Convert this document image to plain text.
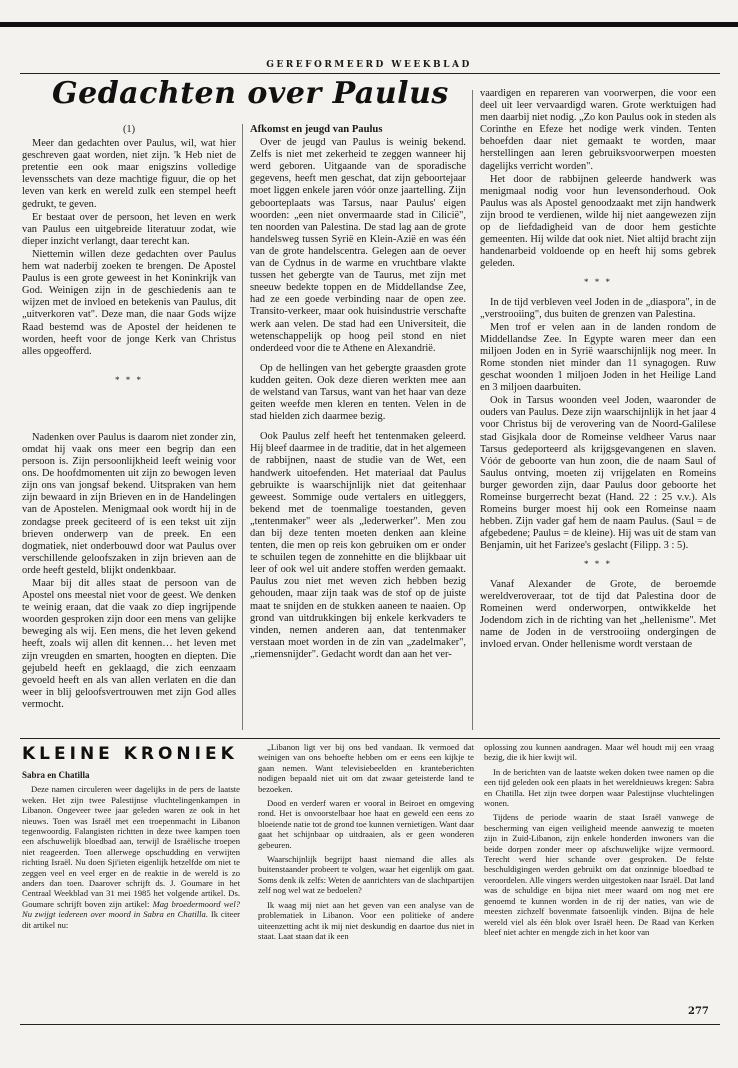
GEREFORMEERD WEEKBLAD
Gedachten over Paulus

(1)

Meer dan gedachten over Paulus, wil, wat hier geschreven gaat worden, niet zijn. 'k Heb niet de pretentie een ook maar enigszins volledige levensschets van deze machtige figuur, die op het leven van kerk en wereld zulk een stempel heeft gedrukt, te geven.

Er bestaat over de persoon, het leven en werk van Paulus een uitgebreide literatuur zodat, wie dieper inzicht verlangt, daar terecht kan.

Niettemin willen deze gedachten over Paulus hem wat naderbij zoeken te brengen. De Apostel Paulus is een grote geweest in het Koninkrijk van God. Weinigen zijn in de geschiedenis aan te wijzen met de invloed en betekenis van Paulus, dit „uitverkoren vat". Deze man, die naar Gods wijze Raad bestemd was de Apostel der heidenen te worden, heeft voor de jonge Kerk van Christus alles opgeofferd.

* * *

Nadenken over Paulus is daarom niet zonder zin, omdat hij vaak ons meer een begrip dan een persoon is. Zijn persoonlijkheid leeft weinig voor ons. De hoofdmomenten uit zijn zo bewogen leven zijn ons van jongsaf bekend. Uitspraken van hem zijn bewaard in zijn Brieven en in de Handelingen van de Apostelen. Menigmaal ook wordt hij in de zondagse preek geciteerd of is een tekst uit zijn brieven onderwerp van de preek. En een dogmatiek, niet onderbouwd door wat Paulus over verschillende geloofszaken in zijn brieven aan de orde heeft gesteld, blijkt ondenkbaar.

Maar bij dit alles staat de persoon van de Apostel ons meestal niet voor de geest. We denken te weinig eraan, dat die vaak zo diep ingrijpende woorden gesproken zijn door een mens van gelijke beweging als wij. Een mens, die het leven gekend heeft, zoals wij allen dit kennen… het leven met zijn vreugden en smarten, hoogten en diepten. Die gejubeld heeft en geklaagd, die zich eenzaam gevoeld heeft en als van allen verlaten en die dan weer in blij geloofsvertrouwen met zijn God alles vermocht.

Afkomst en jeugd van Paulus

Over de jeugd van Paulus is weinig bekend. Zelfs is niet met zekerheid te zeggen wanneer hij werd geboren. Uitgaande van de sporadische gegevens, heeft men geschat, dat zijn geboortejaar moet liggen enkele jaren vóór onze jaartelling. Zijn geboorteplaats was Tarsus, naar Paulus' eigen woorden: „een niet onvermaarde stad in Cilicië", ten noorden van Palestina. De stad lag aan de grote handelsweg tussen Syrië en Klein-Azië en was één van de grote handelscentra. Gelegen aan de oever van de Cydnus in de warme en vruchtbare vlakte tussen het gebergte van de Taurus, met zijn met sneeuw bedekte toppen en de Middellandse Zee, had ze een goede verbinding naar de open zee. Transito-verkeer, maar ook huisindustrie verschafte werk aan velen. De stad had een Universiteit, die wetenschappelijk op hoog peil stond en niet onderdeed voor die te Athene en Alexandrië.

Op de hellingen van het gebergte graasden grote kudden geiten. Ook deze dieren werkten mee aan de welstand van Tarsus, want van het haar van deze geiten weefde men kleren en tenten. Velen in de stad hielden zich daarmee bezig.

Ook Paulus zelf heeft het tentenmaken geleerd. Hij bleef daarmee in de traditie, dat in het algemeen de rabbijnen, naast de studie van de Wet, een handwerk uitoefenden. Het materiaal dat Paulus gebruikte is waarschijnlijk niet dat geitenhaar geweest. Sommige oude vertalers en uitleggers, bekend met de toenmalige toestanden, geven „tentenmaker" weer als „lederwerker". Men zou dan bij deze tenten moeten denken aan kleine tenten, die men op reis kon gebruiken om er onder te schuilen tegen de zonnehitte en die blijkbaar uit leer of ook wel uit andere stoffen werden gemaakt. Paulus zou niet met weven zich hebben bezig gehouden, maar zijn taak was de stof op de juiste maat te snijden en de stukken aaneen te naaien. Op grond van uitdrukkingen bij enkele kerkvaders te vinden, nemen anderen aan, dat tentenmaker verstaan moet worden in de zin van „zadelmaker", „riemensnijder". Gedacht wordt dan aan het ver-

vaardigen en repareren van voorwerpen, die voor een deel uit leer vervaardigd waren. Grote werktuigen had men daarbij niet nodig. „Zo kon Paulus ook in steden als Corinthe en Efeze het nodige werk vinden. Tenten behoefden daar niet gemaakt te worden, maar herstellingen aan leren gebruiksvoorwerpen moesten dagelijks verricht worden".

Het door de rabbijnen geleerde handwerk was menigmaal nodig voor hun levensonderhoud. Ook Paulus was als Apostel genoodzaakt met zijn handwerk zijn brood te verdienen, wilde hij niet aangewezen zijn op de liefdadigheid van de door hem gestichte gemeenten. Hij wilde dat ook niet. Niet altijd bracht zijn handenarbeid voldoende op en heeft hij soms gebrek geleden.

* * *

In de tijd verbleven veel Joden in de „diaspora", in de „verstrooiing", dus buiten de grenzen van Palestina.

Men trof er velen aan in de landen rondom de Middellandse Zee. In Egypte waren meer dan een miljoen Joden en in Syrië waarschijnlijk nog meer. In Rome stonden niet minder dan 11 synagogen. Ruw geschat woonden 1 miljoen Joden in het Heilige Land en 3 miljoen daarbuiten.

Ook in Tarsus woonden veel Joden, waaronder de ouders van Paulus. Deze zijn waarschijnlijk in het jaar 4 voor Christus bij de verovering van de Noord-Galilese stad Gisjkala door de Romeinse veldheer Varus naar Tarsus gedeporteerd als krijgsgevangenen en slaven. Vóór de geboorte van hun zoon, die de naam Saul of Saulus ontving, moeten zij vrijgelaten en Romeins burger geworden zijn, daar Paulus door geboorte het Romeinse burgerrecht bezat (Hand. 22 : 25 v.v.). Als Romeins burger moest hij ook een Romeinse naam hebben. Zijn vader gaf hem de naam Paulus. (Saul = de afgebedene; Paulus = de kleine). Hij was uit de stam van Benjamin, uit het Farizee's geslacht (Filipp. 3 : 5).

* * *

Vanaf Alexander de Grote, de beroemde wereldveroveraar, tot de tijd dat Palestina door de Romeinen werd onderworpen, ontwikkelde het Jodendom zich in de richting van het „hellenisme". Met name de Joden in de verstrooiing ondergingen de invloed ervan. Onder hellenisme wordt verstaan de

KLEINE KRONIEK
Sabra en Chatilla

Deze namen circuleren weer dagelijks in de pers de laatste weken. Het zijn twee Palestijnse vluchtelingenkampen in Libanon. Ongeveer twee jaar geleden waren ze ook in het nieuws. Toen was Israël met een troepenmacht in Libanon tegenwoordig. Falangisten richtten in deze twee kampen toen een afschuwelijk bloedbad aan, terwijl de Israëlische troepen niet reageerden. Toen allerwege opschudding en verwijten richting Israël. Nu doen Sji'ieten eigenlijk hetzelfde om niet te zeggen veel en veel erger en de reaktie in de wereld is zo anders dan toen. Daarover schrijft ds. J. Goumare in het Centraal Weekblad van 31 mei 1985 het volgende artikel. Ds. Goumare schrijft boven zijn artikel: Mag broedermoord wel? Nu zwijgt iedereen over moord in Sabra en Chatilla. Ik citeer dit artikel nu:

„Libanon ligt ver bij ons bed vandaan. Ik vermoed dat weinigen van ons behoefte hebben om er eens een kijkje te gaan nemen. Want televisiebeelden en kranteberichten nodigen bepaald niet uit om dat zwaar geteisterde land te bezoeken.

Dood en verderf waren er vooral in Beiroet en omgeving rond. Het is onvoorstelbaar hoe haat en geweld een eens zo bloeiende natie tot de grond toe kunnen vernietigen. Want daar gaat het schijnbaar op uitdraaien, als er geen wonderen gebeuren.

Waarschijnlijk begrijpt haast niemand die alles als buitenstaander probeert te volgen, waar het eigenlijk om gaat. Soms denk ik zelfs: Weten de aanrichters van de slachtpartijen zelf nog wel wat ze bedoelen?

Ik waag mij niet aan het geven van een analyse van de problematiek in Libanon. Voor een politieke of andere uiteenzetting acht ik mij niet deskundig en daartoe dus niet in staat. Laat staan dat ik een

oplossing zou kunnen aandragen. Maar wél houdt mij een vraag bezig, die ik hier kwijt wil.

In de berichten van de laatste weken doken twee namen op die een tijd geleden ook een plaats in het wereldnieuws kregen: Sabra en Chatilla. Het zijn twee dorpen waar Palestijnse vluchtelingen wonen.

Tijdens de periode waarin de staat Israël vanwege de bescherming van eigen veiligheid meende aanwezig te moeten zijn in Zuid-Libanon, zijn enkele honderden inwoners van die beide dorpen zonder meer op afschuwelijke wijze vermoord. Terecht werd hier schande over gesproken. De felste beschuldigingen werden gebruikt om dat onzinnige bloedbad te veroordelen. Alle vingers werden uitgestoken naar Israël. Dat land was de schuldige en bijna niet meer waard om nog met ere genoemd te kunnen worden in de rij der naties, van wie de meesten zichzelf bovenmate fatsoenlijk vinden. Bijna de hele wereld viel als één blok over Israël heen. De Raad van Kerken bleef niet achter en mengde zich in het koor van

277
